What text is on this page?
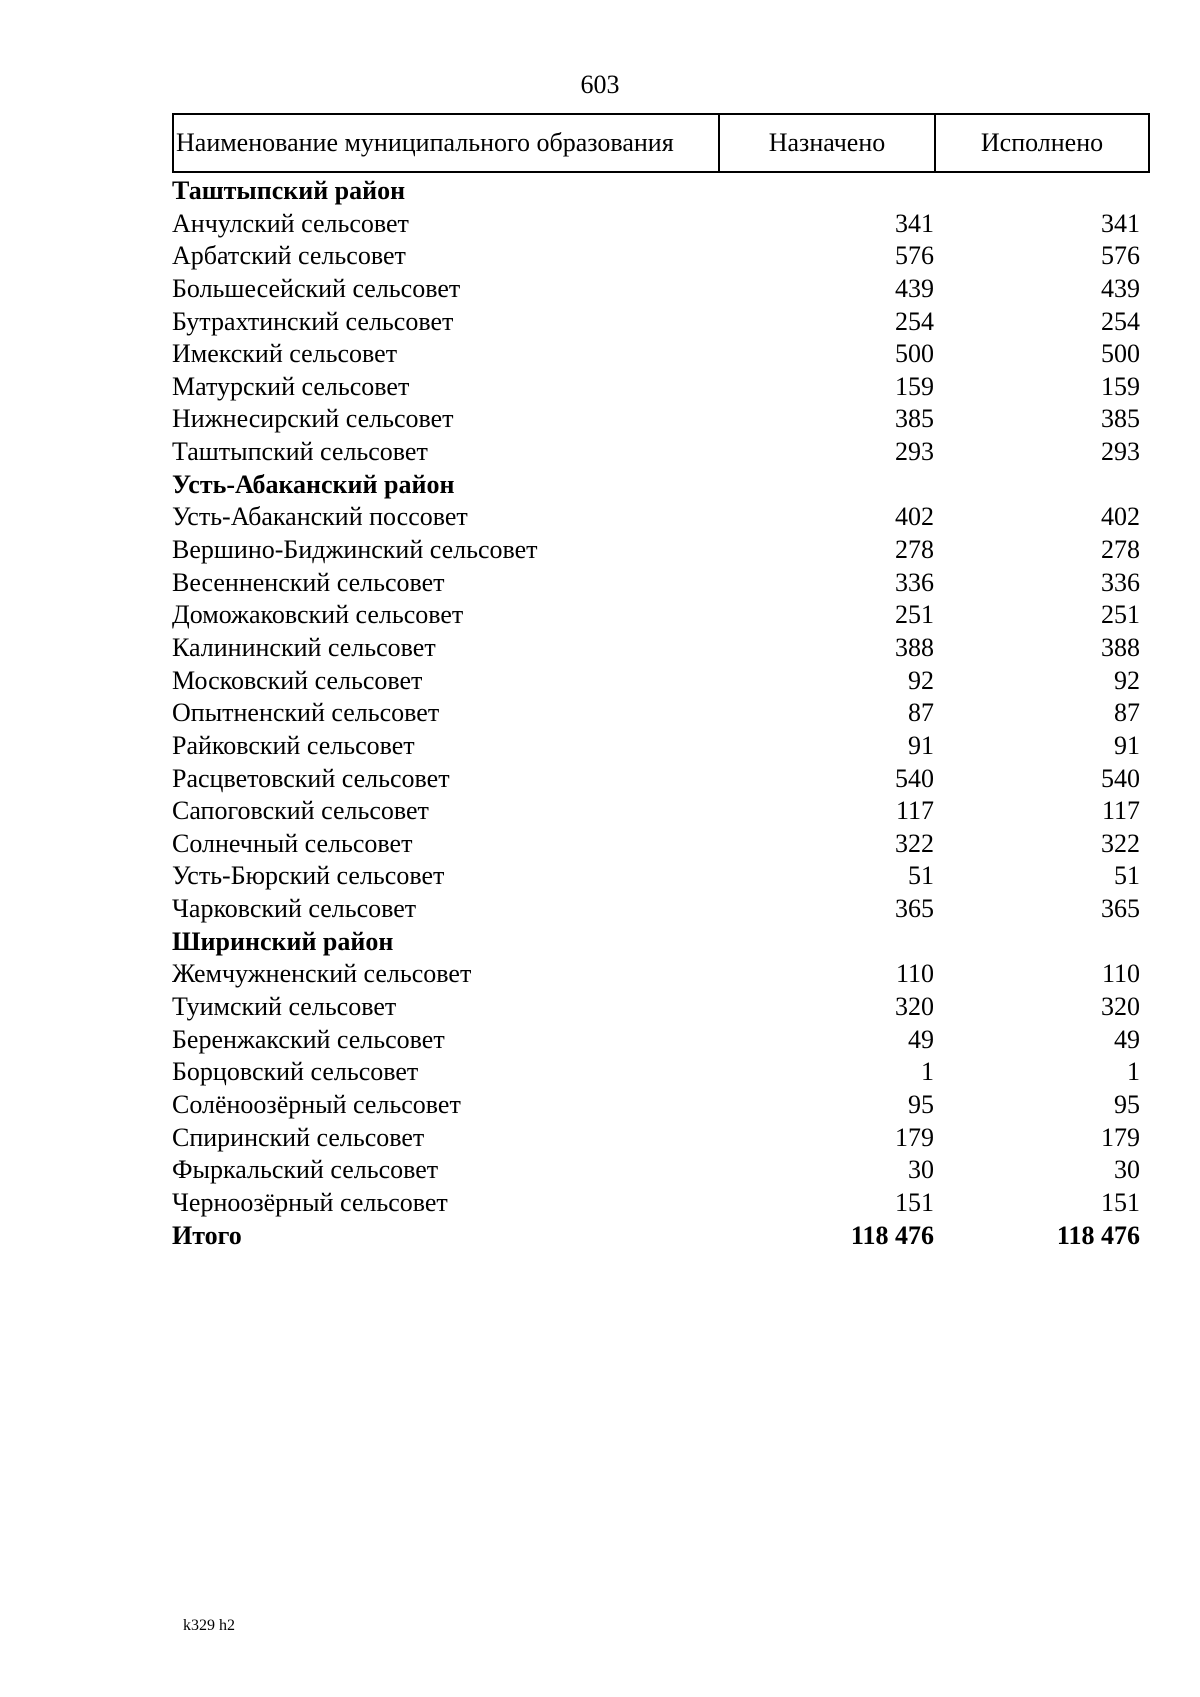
603
Наименование муниципального образования	Назначено	Исполнено
Таштыпский район
Анчулский сельсовет	341	341
Арбатский сельсовет	576	576
Большесейский сельсовет	439	439
Бутрахтинский сельсовет	254	254
Имекский сельсовет	500	500
Матурский сельсовет	159	159
Нижнесирский сельсовет	385	385
Таштыпский сельсовет	293	293
Усть-Абаканский район
Усть-Абаканский поссовет	402	402
Вершино-Биджинский сельсовет	278	278
Весенненский сельсовет	336	336
Доможаковский сельсовет	251	251
Калининский сельсовет	388	388
Московский сельсовет	92	92
Опытненский сельсовет	87	87
Райковский сельсовет	91	91
Расцветовский сельсовет	540	540
Сапоговский сельсовет	117	117
Солнечный сельсовет	322	322
Усть-Бюрский сельсовет	51	51
Чарковский сельсовет	365	365
Ширинский район
Жемчужненский сельсовет	110	110
Туимский сельсовет	320	320
Беренжакский сельсовет	49	49
Борцовский сельсовет	1	1
Солёноозёрный сельсовет	95	95
Спиринский сельсовет	179	179
Фыркальский сельсовет	30	30
Черноозёрный сельсовет	151	151
Итого	118 476	118 476
k329 h2
